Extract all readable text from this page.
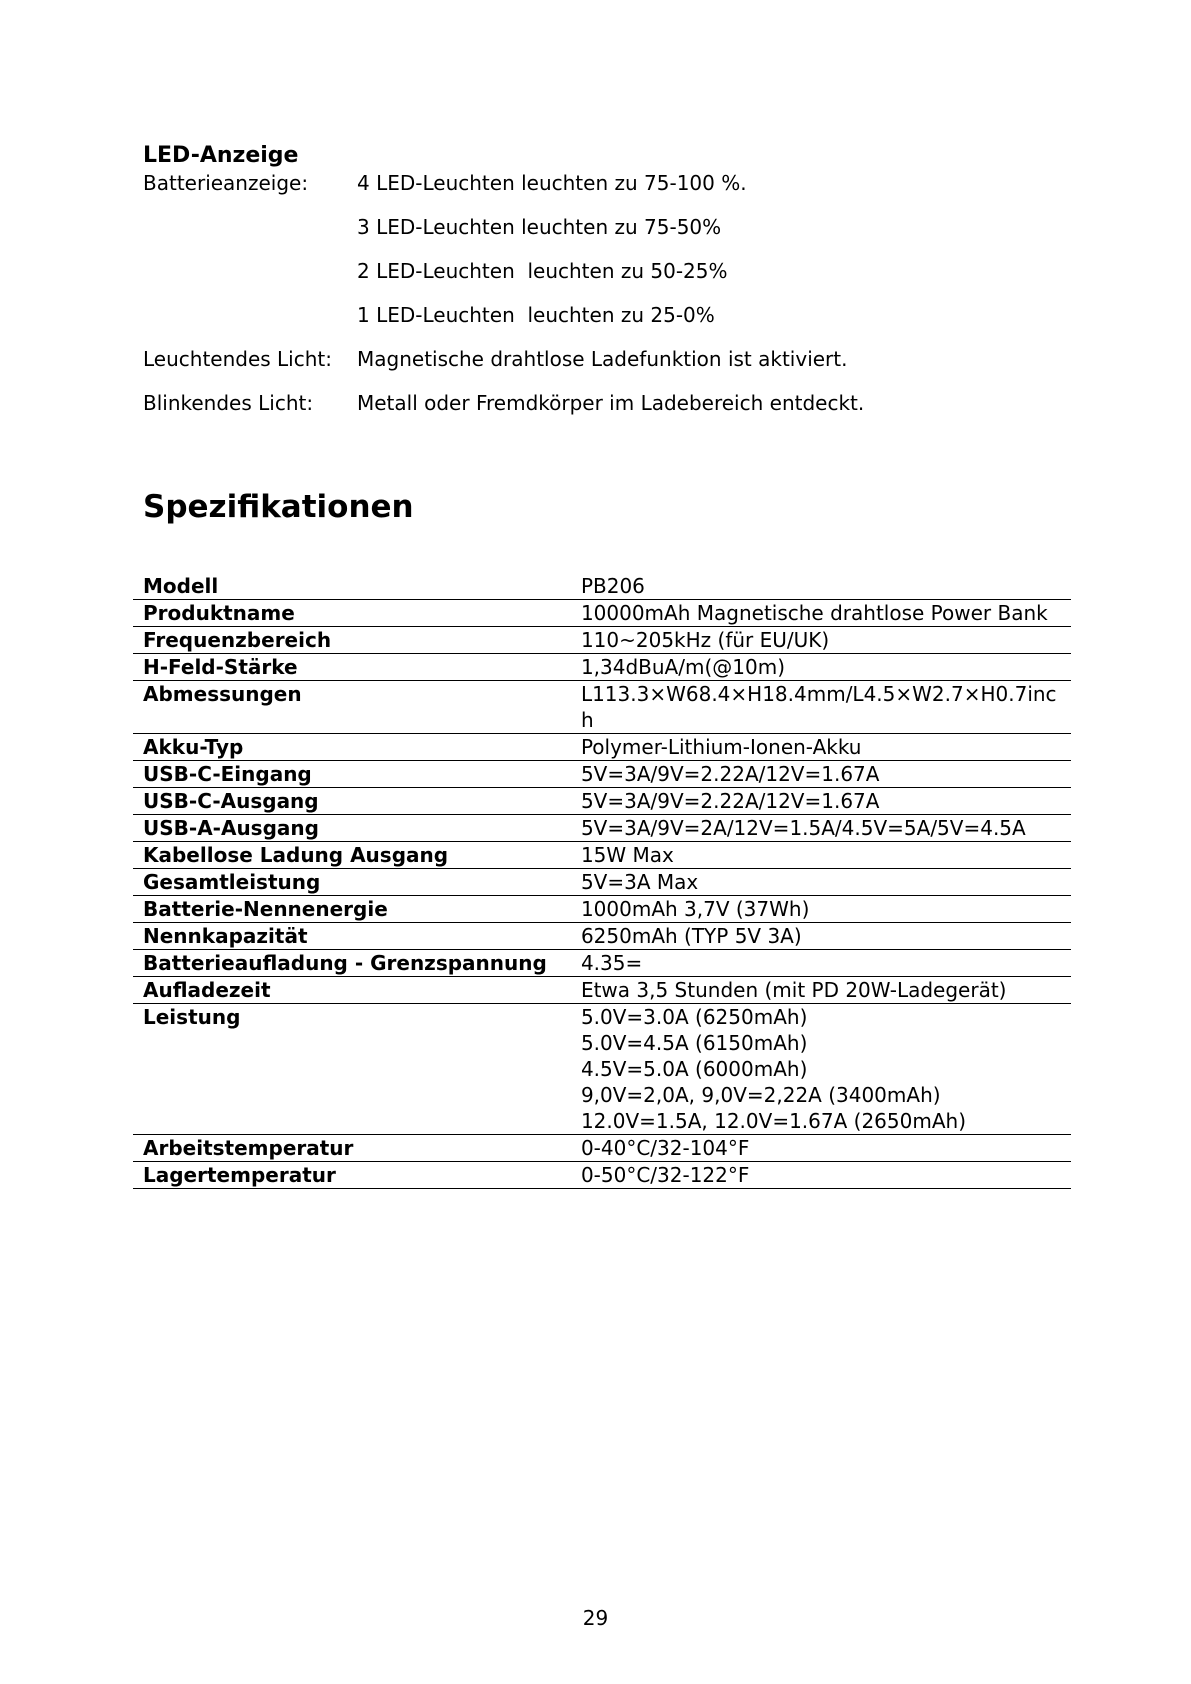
LED-Anzeige
Batterieanzeige:	4 LED-Leuchten leuchten zu 75-100 %.
3 LED-Leuchten leuchten zu 75-50%
2 LED-Leuchten  leuchten zu 50-25%
1 LED-Leuchten  leuchten zu 25-0%
Leuchtendes Licht:	Magnetische drahtlose Ladefunktion ist aktiviert.
Blinkendes Licht:	Metall oder Fremdkörper im Ladebereich entdeckt.
Spezifikationen
Modell	PB206

Produktname	10000mAh Magnetische drahtlose Power Bank

Frequenzbereich	110~205kHz (für EU/UK)

H-Feld-Stärke	1,34dBuA/m(@10m)

Abmessungen	L113.3×W68.4×H18.4mm/L4.5×W2.7×H0.7inc
h

Akku-Typ	Polymer-Lithium-Ionen-Akku

USB-C-Eingang	5V=3A/9V=2.22A/12V=1.67A

USB-C-Ausgang	5V=3A/9V=2.22A/12V=1.67A

USB-A-Ausgang	5V=3A/9V=2A/12V=1.5A/4.5V=5A/5V=4.5A

Kabellose Ladung Ausgang	15W Max

Gesamtleistung	5V=3A Max

Batterie-Nennenergie	1000mAh 3,7V (37Wh)

Nennkapazität	6250mAh (TYP 5V 3A)

Batterieaufladung - Grenzspannung	4.35=

Aufladezeit	Etwa 3,5 Stunden (mit PD 20W-Ladegerät)

Leistung	5.0V=3.0A (6250mAh)
5.0V=4.5A (6150mAh)
4.5V=5.0A (6000mAh)
9,0V=2,0A, 9,0V=2,22A (3400mAh)
12.0V=1.5A, 12.0V=1.67A (2650mAh)

Arbeitstemperatur	0-40°C/32-104°F

Lagertemperatur	0-50°C/32-122°F
29
